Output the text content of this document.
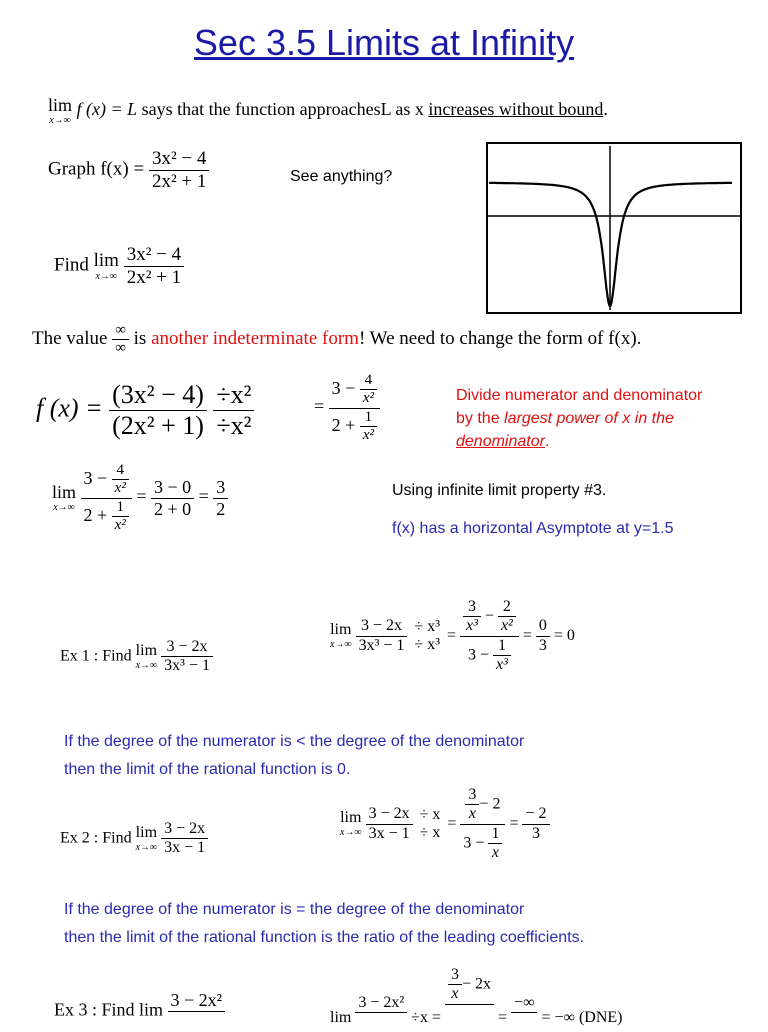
Sec 3.5 Limits at Infinity
lim
x→∞
f (x) = L says that the function approachesL as x increases without bound.
Graph $f(x) = \frac{\text{3x² − 4}}{\text{2x² + 1}}$	See anything?
Find lim
x→∞
$\frac{\text{3x² − 4}}{\text{2x² + 1}}$
The value $\frac{\infty}{\infty}$ is another indeterminate form! We need to change the form of f(x).
f $(x) = \frac{\text{(3x² − 4)}}{\text{(2x² + 1)}}$
$\frac{\text{÷x²}}{\text{÷x²}}$	= $\frac{3 - \frac{4}{\text{x²}}}{2 + \frac{1}{\text{x²}}}$	Divide numerator and denominator
by the largest power of x in the
denominator.
lim
x→∞
$\frac{3 - \frac{4}{\text{x²}}}{2 + \frac{1}{\text{x²}}} = \frac{3 - 0}{2 + 0} = \frac{3}{2}$	Using infinite limit property #3.
f(x) has a horizontal Asymptote at y=1.5
Ex 1 : Find lim
x→∞
$\frac{3 - 2x}{\text{3x³ − 1}}$
lim
x→∞
$\frac{3 - 2x}{\text{3x³ − 1}}$
÷ x³
÷ x³
= $\frac{\frac{3}{\text{x³}} - \frac{2}{\text{x²}}}{3 - \frac{1}{\text{x³}}} = \frac{0}{3} = 0$
If the degree of the numerator is < the degree of the denominator
then the limit of the rational function is 0.
Ex 2 : Find lim
x→∞
$\frac{3 - 2x}{3x - 1}$
lim
x→∞
$\frac{3 - 2x}{3x - 1}$
÷ x
÷ x
= $\frac{\frac{3}{x} - 2}{3 - \frac{1}{x}} = \frac{- 2}{3}$
If the degree of the numerator is = the degree of the denominator
then the limit of the rational function is the ratio of the leading coefficients.
Ex 3 : Find lim 3 − 2x²

lim
3 − 2x²

÷x =
$\frac{3}{x} - 2x$

=
−∞

= −∞ (DNE)
